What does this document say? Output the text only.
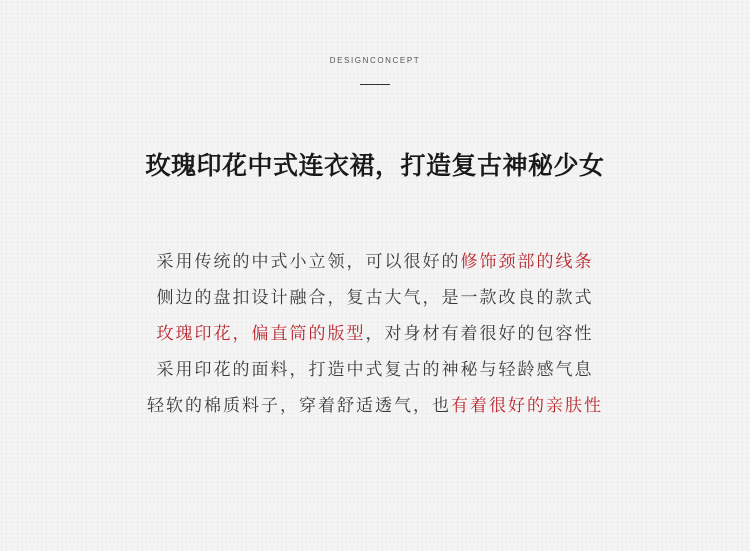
DESIGNCONCEPT
玫瑰印花中式连衣裙，打造复古神秘少女
采用传统的中式小立领，可以很好的修饰颈部的线条
侧边的盘扣设计融合，复古大气，是一款改良的款式
玫瑰印花，偏直筒的版型，对身材有着很好的包容性
采用印花的面料，打造中式复古的神秘与轻龄感气息
轻软的棉质料子，穿着舒适透气，也有着很好的亲肤性
